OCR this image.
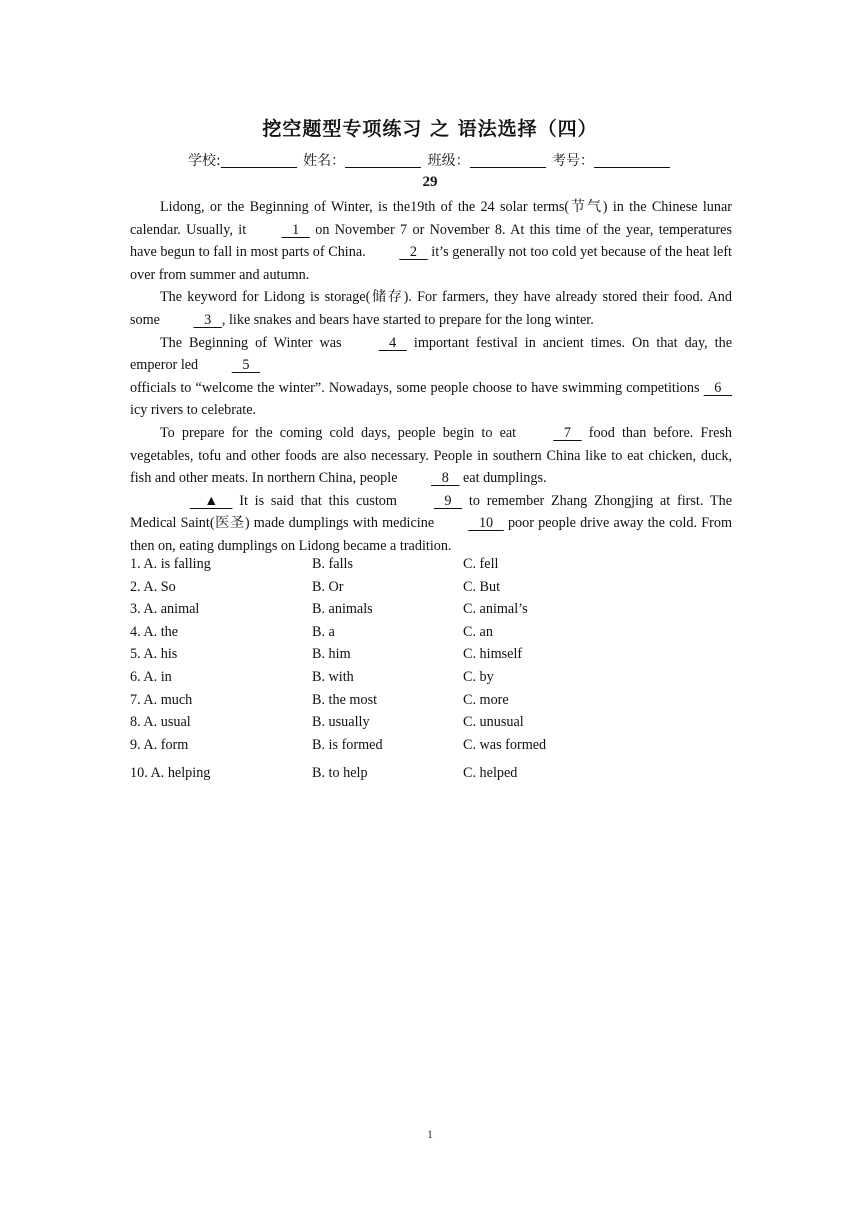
挖空题型专项练习 之 语法选择（四）
学校:	姓名：	班级：	考号：
29

Lidong, or the Beginning of Winter, is the19th of the 24 solar terms(节气) in the Chinese lunar calendar. Usually, it    1    on November 7 or November 8. At this time of the year, temperatures have begun to fall in most parts of China.    2    it’s generally not too cold yet because of the heat left over from summer and autumn.

The keyword for Lidong is storage(储存). For farmers, they have already stored their food. And some    3   , like snakes and bears have started to prepare for the long winter.

The Beginning of Winter was    4    important festival in ancient times. On that day, the emperor led    5

officials to “welcome the winter”. Nowadays, some people choose to have swimming competitions    6    icy rivers to celebrate.

To prepare for the coming cold days, people begin to eat    7    food than before. Fresh vegetables, tofu and other foods are also necessary. People in southern China like to eat chicken, duck, fish and other meats. In northern China, people    8    eat dumplings.

▲     It is said that this custom    9    to remember Zhang Zhongjing at first. The Medical Saint(医圣) made dumplings with medicine    10    poor people drive away the cold. From then on, eating dumplings on Lidong became a tradition.

1. A. is falling	B. falls	C. fell
2. A. So	B. Or	C. But
3. A. animal	B. animals	C. animal’s
4. A. the	B. a	C. an
5. A. his	B. him	C. himself
6. A. in	B. with	C. by
7. A. much	B. the most	C. more
8. A. usual	B. usually	C. unusual
9. A. form	B. is formed	C. was formed
10. A. helping	B. to help	C. helped
1
